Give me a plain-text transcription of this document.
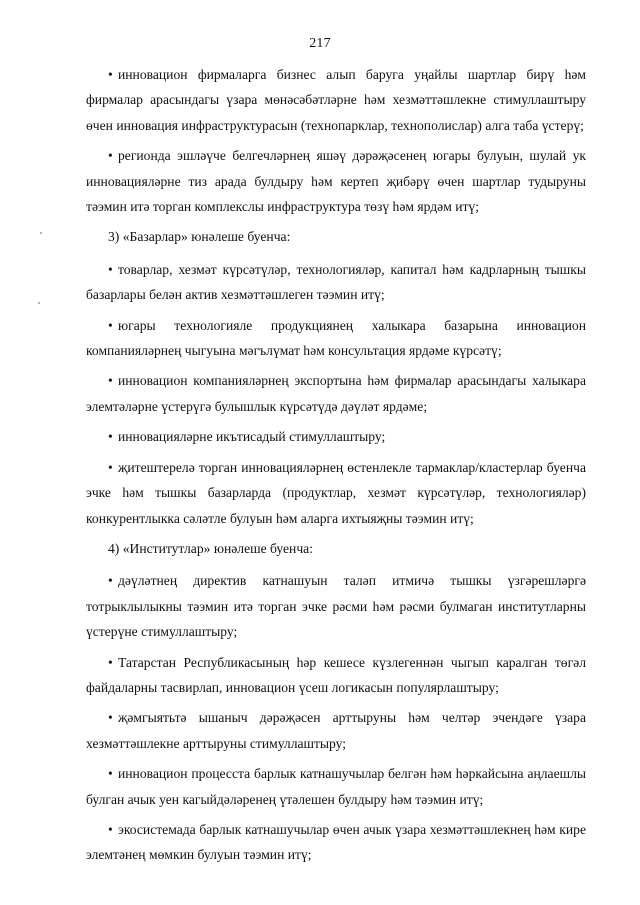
217

• инновацион фирмаларга бизнес алып баруга уңайлы шартлар бирү һәм фирмалар арасындагы үзара мөнәсәбәтләрне һәм хезмәттәшлекне стимуллаштыру өчен инновация инфраструктурасын (технопарклар, технополислар) алга таба үстерү;

• регионда эшләүче белгечләрнең яшәү дәрәҗәсенең югары булуын, шулай ук инновацияләрне тиз арада булдыру һәм кертеп җибәрү өчен шартлар тудыруны тәэмин итә торган комплекслы инфраструктура төзү һәм ярдәм итү;

3) «Базарлар» юнәлеше буенча:

• товарлар, хезмәт күрсәтүләр, технологияләр, капитал һәм кадрларның тышкы базарлары белән актив хезмәттәшлеген тәэмин итү;

• югары технологияле продукциянең халыкара базарына инновацион компанияләрнең чыгуына мәгълүмат һәм консультация ярдәме күрсәтү;

• инновацион компанияләрнең экспортына һәм фирмалар арасындагы халыкара элемтәләрне үстерүгә булышлык күрсәтүдә дәүләт ярдәме;

• инновацияләрне икътисадый стимуллаштыру;

• җитештерелә торган инновацияләрнең өстенлекле тармаклар/кластерлар буенча эчке һәм тышкы базарларда (продуктлар, хезмәт күрсәтүләр, технологияләр) конкурентлыкка сәләтле булуын һәм аларга ихтыяҗны тәэмин итү;

4) «Институтлар» юнәлеше буенча:

• дәүләтнең директив катнашуын таләп итмичә тышкы үзгәрешләргә тотрыклылыкны тәэмин итә торган эчке рәсми һәм рәсми булмаган институтларны үстерүне стимуллаштыру;

• Татарстан Республикасының һәр кешесе күзлегеннән чыгып каралган төгәл файдаларны тасвирлап, инновацион үсеш логикасын популярлаштыру;

• җәмгыятьтә ышаныч дәрәҗәсен арттыруны һәм челтәр эчендәге үзара хезмәттәшлекне арттыруны стимуллаштыру;

• инновацион процесста барлык катнашучылар белгән һәм һәркайсына аңлаешлы булган ачык уен кагыйдәләренең үтәлешен булдыру һәм тәэмин итү;

• экосистемада барлык катнашучылар өчен ачык үзара хезмәттәшлекнең һәм кире элемтәнең мөмкин булуын тәэмин итү;
